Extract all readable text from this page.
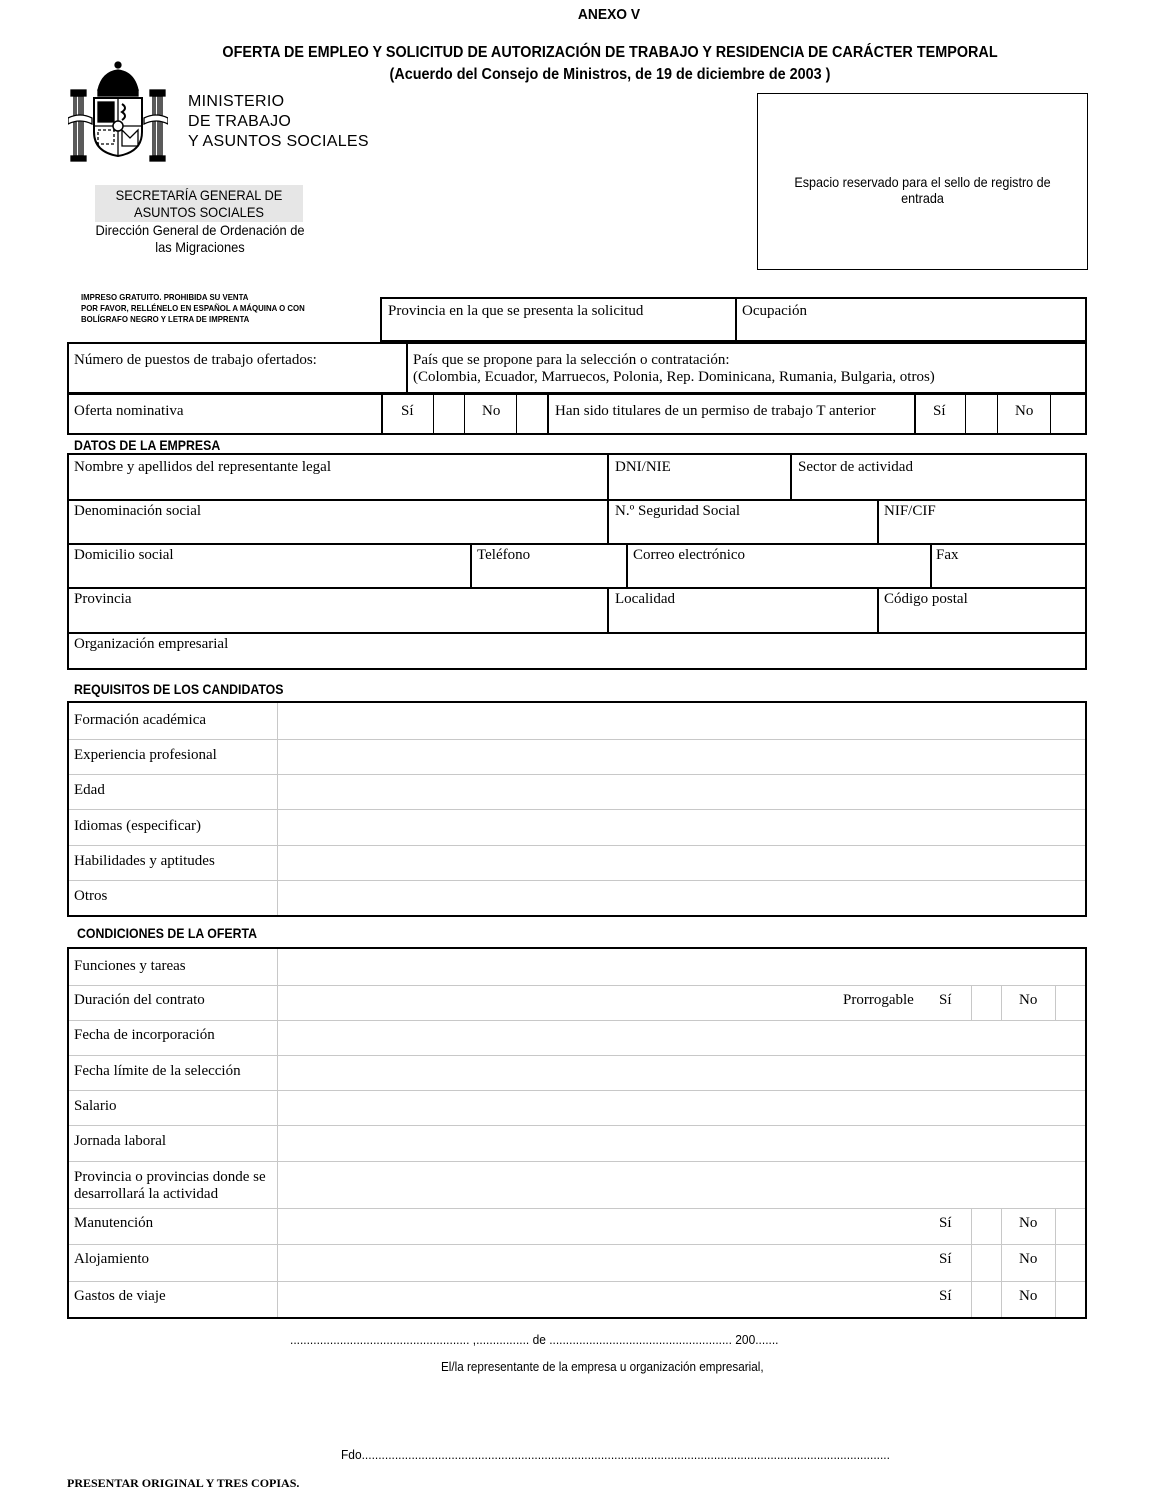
ANEXO V
OFERTA DE EMPLEO Y SOLICITUD DE AUTORIZACIÓN DE TRABAJO Y RESIDENCIA DE CARÁCTER TEMPORAL
(Acuerdo del Consejo de Ministros, de 19 de diciembre de 2003 )
MINISTERIO
DE TRABAJO
Y ASUNTOS SOCIALES
SECRETARÍA GENERAL DE
ASUNTOS SOCIALES
Dirección General de Ordenación de
las Migraciones
Espacio reservado para el sello de registro de entrada
IMPRESO GRATUITO. PROHIBIDA SU VENTA
POR FAVOR, RELLÉNELO EN ESPAÑOL A MÁQUINA O CON
BOLÍGRAFO NEGRO Y LETRA DE IMPRENTA	Provincia en la que se presenta la solicitud	Ocupación
Número de puestos de trabajo ofertados:	País que se propone para la selección o contratación:
(Colombia, Ecuador, Marruecos, Polonia, Rep. Dominicana, Rumania, Bulgaria, otros)
Oferta nominativa	Sí	No	Han sido titulares de un permiso de trabajo T anterior	Sí	No
DATOS DE LA EMPRESA
Nombre y apellidos del representante legal	DNI/NIE	Sector de actividad
Denominación social	N.º Seguridad Social	NIF/CIF
Domicilio social	Teléfono	Correo electrónico	Fax
Provincia	Localidad	Código postal
Organización empresarial
REQUISITOS DE LOS CANDIDATOS
Formación académica
Experiencia profesional
Edad
Idiomas (especificar)
Habilidades y aptitudes
Otros
CONDICIONES DE LA OFERTA
Funciones y tareas
Duración del contrato	Prorrogable Sí	No
Fecha de incorporación
Fecha límite de la selección
Salario
Jornada laboral
Provincia o provincias donde se
desarrollará la actividad
Manutención	Sí	No
Alojamiento	Sí	No
Gastos de viaje	Sí	No
...................................................... ,................ de ....................................................... 200.......
El/la representante de la empresa u organización empresarial,
Fdo...............................................................................................................................................................
PRESENTAR ORIGINAL Y TRES COPIAS.
